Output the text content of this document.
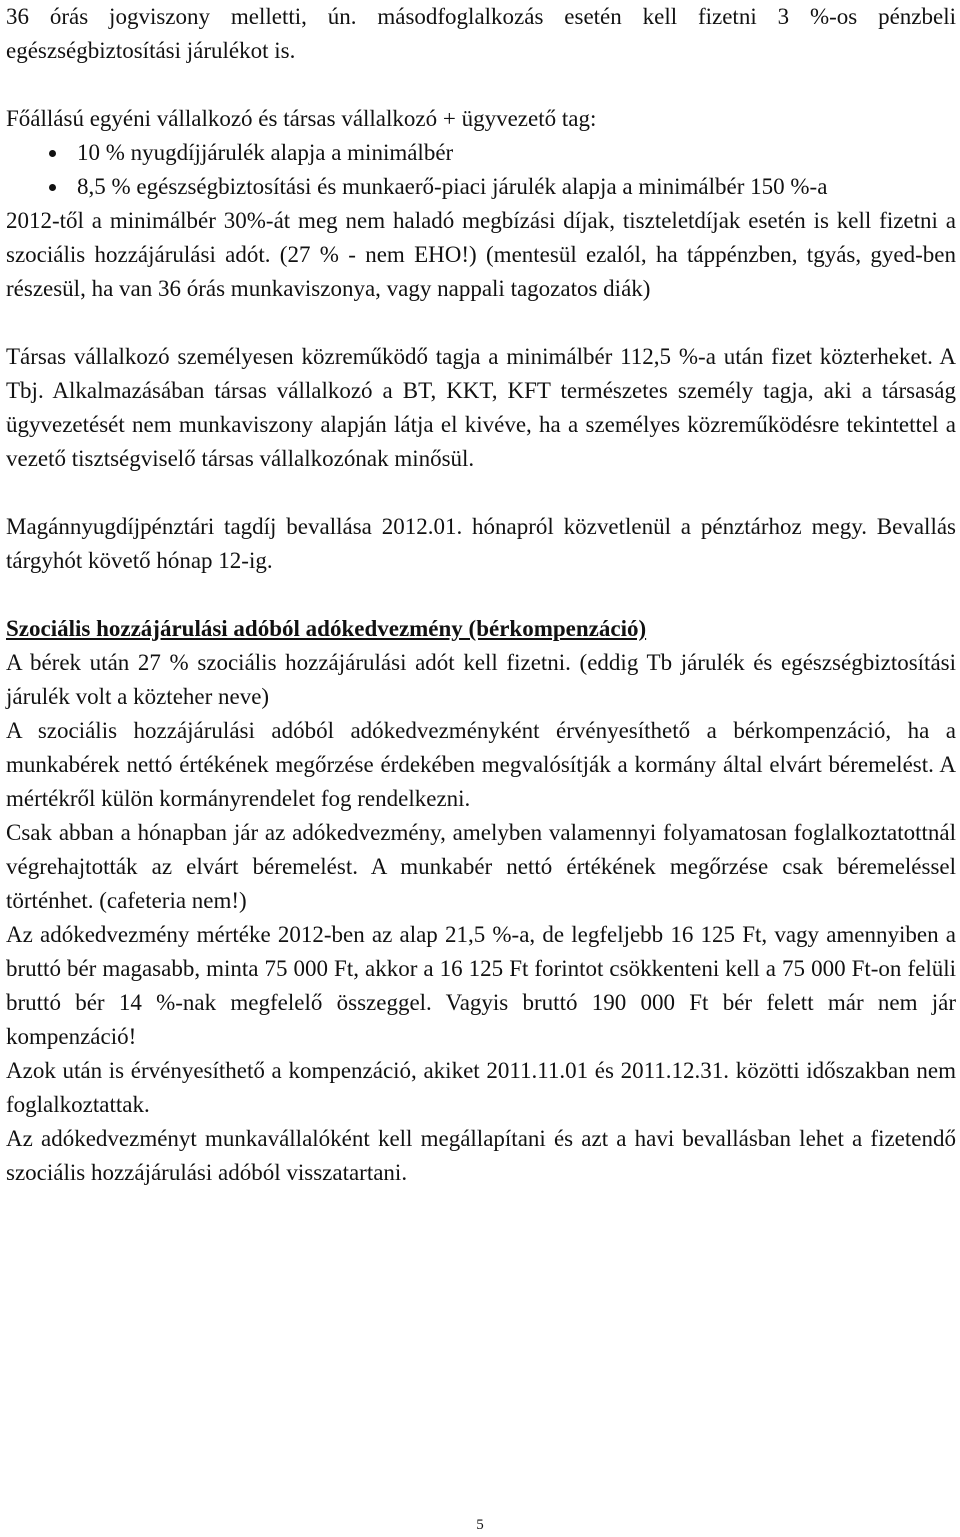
36 órás jogviszony melletti, ún. másodfoglalkozás esetén kell fizetni 3 %-os pénzbeli egészségbiztosítási járulékot is.

Főállású egyéni vállalkozó és társas vállalkozó + ügyvezető tag:

10 % nyugdíjjárulék alapja a minimálbér
8,5 % egészségbiztosítási és munkaerő-piaci járulék alapja a minimálbér 150 %-a

2012-től a minimálbér 30%-át meg nem haladó megbízási díjak, tiszteletdíjak esetén is kell fizetni a szociális hozzájárulási adót. (27 % - nem EHO!) (mentesül ezalól, ha táppénzben, tgyás, gyed-ben részesül, ha van 36 órás munkaviszonya, vagy nappali tagozatos diák)

Társas vállalkozó személyesen közreműködő tagja a minimálbér 112,5 %-a után fizet közterheket. A Tbj. Alkalmazásában társas vállalkozó a BT, KKT, KFT természetes személy tagja, aki a társaság ügyvezetését nem munkaviszony alapján látja el kivéve, ha a személyes közreműködésre tekintettel a vezető tisztségviselő társas vállalkozónak minősül.

Magánnyugdíjpénztári tagdíj bevallása 2012.01. hónapról közvetlenül a pénztárhoz megy. Bevallás tárgyhót követő hónap 12-ig.

Szociális hozzájárulási adóból adókedvezmény (bérkompenzáció)

A bérek után 27 % szociális hozzájárulási adót kell fizetni. (eddig Tb járulék és egészségbiztosítási járulék volt a közteher neve)

A szociális hozzájárulási adóból adókedvezményként érvényesíthető a bérkompenzáció, ha a munkabérek nettó értékének megőrzése érdekében megvalósítják a kormány által elvárt béremelést. A mértékről külön kormányrendelet fog rendelkezni.

Csak abban a hónapban jár az adókedvezmény, amelyben valamennyi folyamatosan foglalkoztatottnál végrehajtották az elvárt béremelést. A munkabér nettó értékének megőrzése csak béremeléssel történhet. (cafeteria nem!)

Az adókedvezmény mértéke 2012-ben az alap 21,5 %-a, de legfeljebb 16 125 Ft, vagy amennyiben a bruttó bér magasabb, minta 75 000 Ft, akkor a 16 125 Ft forintot csökkenteni kell a 75 000 Ft-on felüli bruttó bér 14 %-nak megfelelő összeggel. Vagyis bruttó 190 000 Ft bér felett már nem jár kompenzáció!

Azok után is érvényesíthető a kompenzáció, akiket 2011.11.01 és 2011.12.31. közötti időszakban nem foglalkoztattak.

Az adókedvezményt munkavállalóként kell megállapítani és azt a havi bevallásban lehet a fizetendő szociális hozzájárulási adóból visszatartani.

5
